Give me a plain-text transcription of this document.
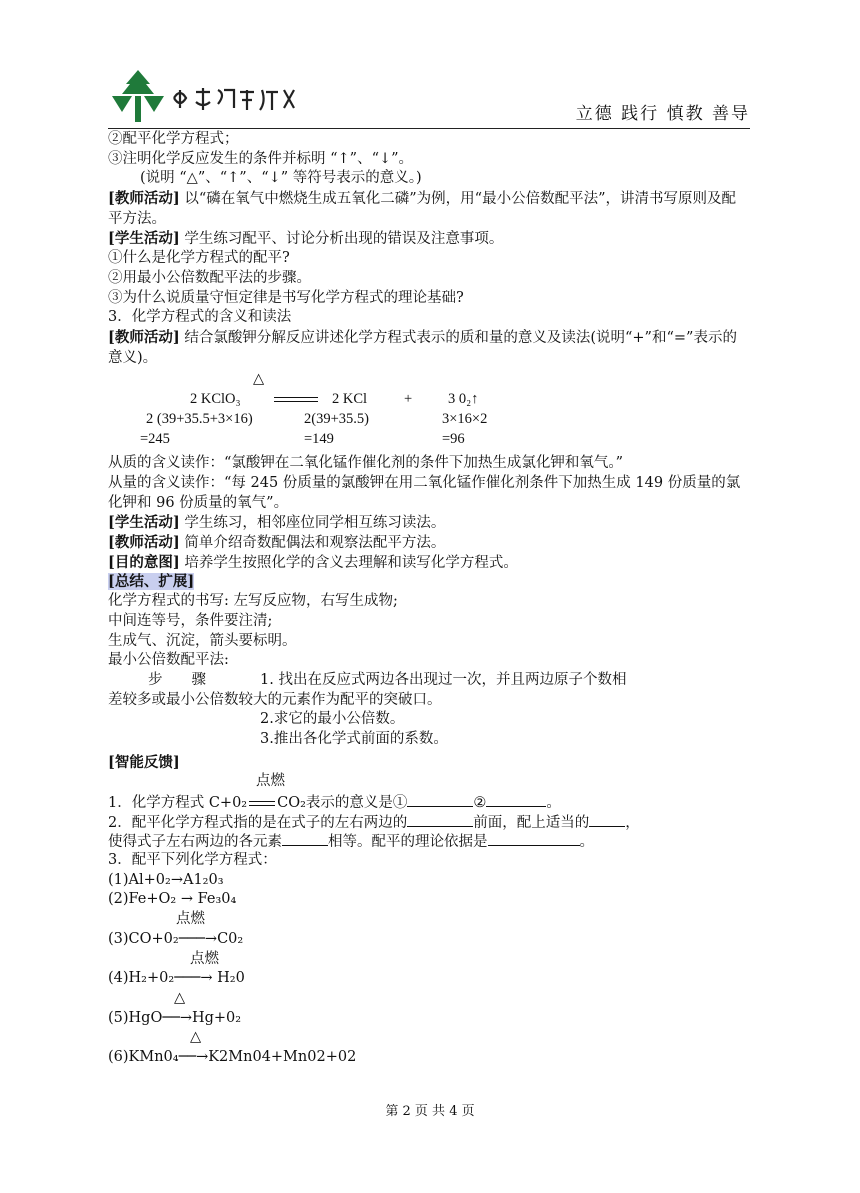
立德 践行 慎教 善导
②配平化学方程式；
③注明化学反应发生的条件并标明 “↑”、“↓”。
(说明 “△”、“↑”、“↓” 等符号表示的意义。)
[教师活动] 以“磷在氧气中燃烧生成五氧化二磷”为例，用“最小公倍数配平法”，讲清书写原则及配平方法。
[学生活动] 学生练习配平、讨论分析出现的错误及注意事项。
①什么是化学方程式的配平?
②用最小公倍数配平法的步骤。
③为什么说质量守恒定律是书写化学方程式的理论基础?
3．化学方程式的含义和读法
[教师活动] 结合氯酸钾分解反应讲述化学方程式表示的质和量的意义及读法(说明“+”和“=”表示的意义)。
△
2 KClO₃	2 KCl	+ 3 0₂↑
2 (39+35.5+3×16)	2(39+35.5)	3×16×2
=245	=149	=96
从质的含义读作：“氯酸钾在二氧化锰作催化剂的条件下加热生成氯化钾和氧气。”
从量的含义读作：“每 245 份质量的氯酸钾在用二氧化锰作催化剂条件下加热生成 149 份质量的氯化钾和 96 份质量的氧气”。
[学生活动] 学生练习，相邻座位同学相互练习读法。
[教师活动] 简单介绍奇数配偶法和观察法配平方法。
[目的意图] 培养学生按照化学的含义去理解和读写化学方程式。
[总结、扩展]
化学方程式的书写: 左写反应物，右写生成物;
中间连等号，条件要注清;
生成气、沉淀，箭头要标明。
最小公倍数配平法:
步　　骤	1. 找出在反应式两边各出现过一次，并且两边原子个数相
差较多或最小公倍数较大的元素作为配平的突破口。
2.求它的最小公倍数。
3.推出各化学式前面的系数。
[智能反馈]
点燃
1．化学方程式 C+0₂ CO₂表示的意义是①	②	。
2．配平化学方程式指的是在式子的左右两边的	前面，配上适当的 ，
使得式子左右两边的各元素	相等。配平的理论依据是	。
3．配平下列化学方程式：
(1)Al+0₂→A1₂0₃
(2)Fe+O₂ → Fe₃0₄
点燃
(3)CO+0₂───→C0₂
点燃
(4)H₂+0₂───→ H₂0
△
(5)HgO──→Hg+0₂
△
(6)KMn0₄──→K2Mn04+Mn02+02
第 2 页 共 4 页
